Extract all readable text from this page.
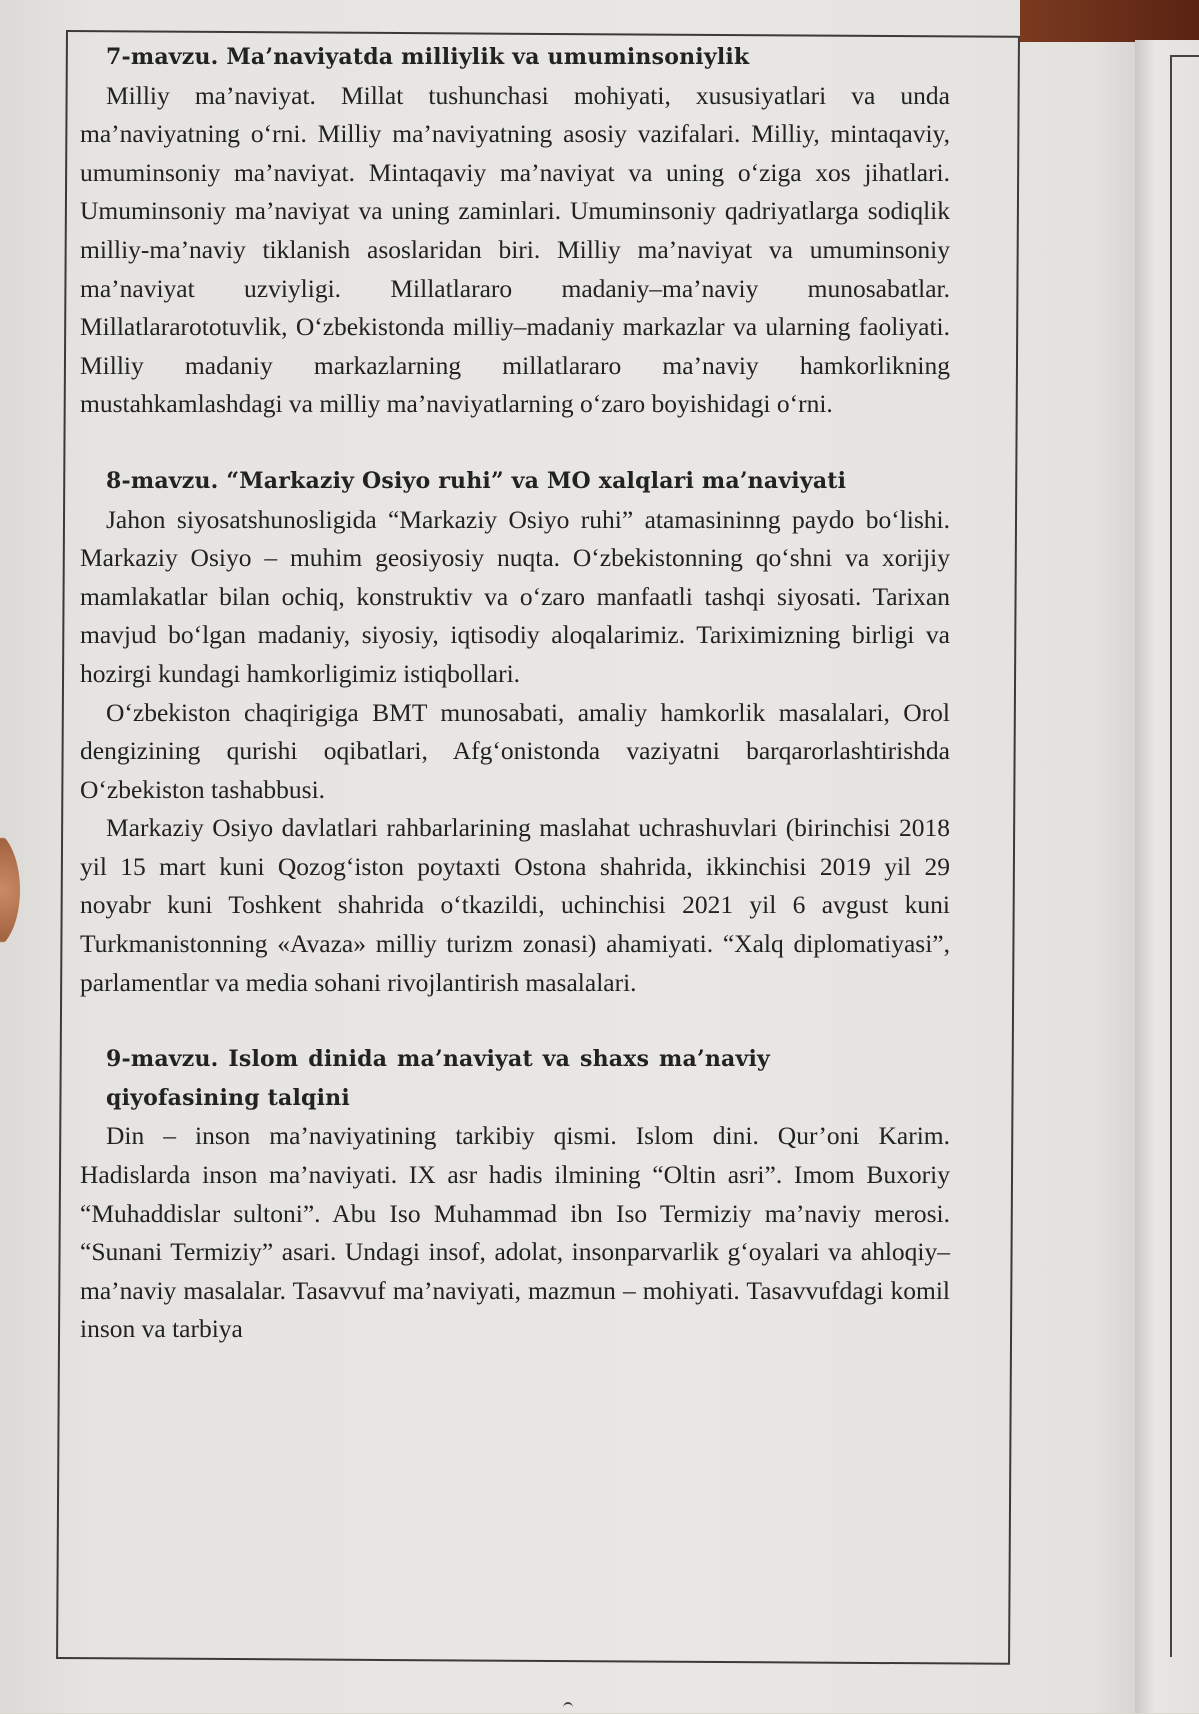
7-mavzu. Ma’naviyatda milliylik va umuminsoniylik

Milliy ma’naviyat. Millat tushunchasi mohiyati, xususiyatlari va unda ma’naviyatning o‘rni. Milliy ma’naviyatning asosiy vazifalari. Milliy, mintaqaviy, umuminsoniy ma’naviyat. Mintaqaviy ma’naviyat va uning o‘ziga xos jihatlari. Umuminsoniy ma’naviyat va uning zaminlari. Umuminsoniy qadriyatlarga sodiqlik milliy-ma’naviy tiklanish asoslaridan biri. Milliy ma’naviyat va umuminsoniy ma’naviyat uzviyligi. Millatlararo madaniy–ma’naviy munosabatlar. Millatlararototuvlik, O‘zbekistonda milliy–madaniy markazlar va ularning faoliyati. Milliy madaniy markazlarning millatlararo ma’naviy hamkorlikning mustahkamlashdagi va milliy ma’naviyatlarning o‘zaro boyishidagi o‘rni.

8-mavzu. “Markaziy Osiyo ruhi” va MO xalqlari ma’naviyati

Jahon siyosatshunosligida “Markaziy Osiyo ruhi” atamasininng paydo bo‘lishi. Markaziy Osiyo – muhim geosiyosiy nuqta. O‘zbekistonning qo‘shni va xorijiy mamlakatlar bilan ochiq, konstruktiv va o‘zaro manfaatli tashqi siyosati. Tarixan mavjud bo‘lgan madaniy, siyosiy, iqtisodiy aloqalarimiz. Tariximizning birligi va hozirgi kundagi hamkorligimiz istiqbollari.

O‘zbekiston chaqirigiga BMT munosabati, amaliy hamkorlik masalalari, Orol dengizining qurishi oqibatlari, Afg‘onistonda vaziyatni barqarorlashtirishda O‘zbekiston tashabbusi.

Markaziy Osiyo davlatlari rahbarlarining maslahat uchrashuvlari (birinchisi 2018 yil 15 mart kuni Qozog‘iston poytaxti Ostona shahrida, ikkinchisi 2019 yil 29 noyabr kuni Toshkent shahrida o‘tkazildi, uchinchisi 2021 yil 6 avgust kuni Turkmanistonning «Avaza» milliy turizm zonasi) ahamiyati. “Xalq diplomatiyasi”, parlamentlar va media sohani rivojlantirish masalalari.

9-mavzu. Islom dinida ma’naviyat va shaxs ma’naviy qiyofasining talqini

Din – inson ma’naviyatining tarkibiy qismi. Islom dini. Qur’oni Karim. Hadislarda inson ma’naviyati. IX asr hadis ilmining “Oltin asri”. Imom Buxoriy “Muhaddislar sultoni”. Abu Iso Muhammad ibn Iso Termiziy ma’naviy merosi. “Sunani Termiziy” asari. Undagi insof, adolat, insonparvarlik g‘oyalari va ahloqiy–ma’naviy masalalar. Tasavvuf ma’naviyati, mazmun – mohiyati. Tasavvufdagi komil inson va tarbiya
